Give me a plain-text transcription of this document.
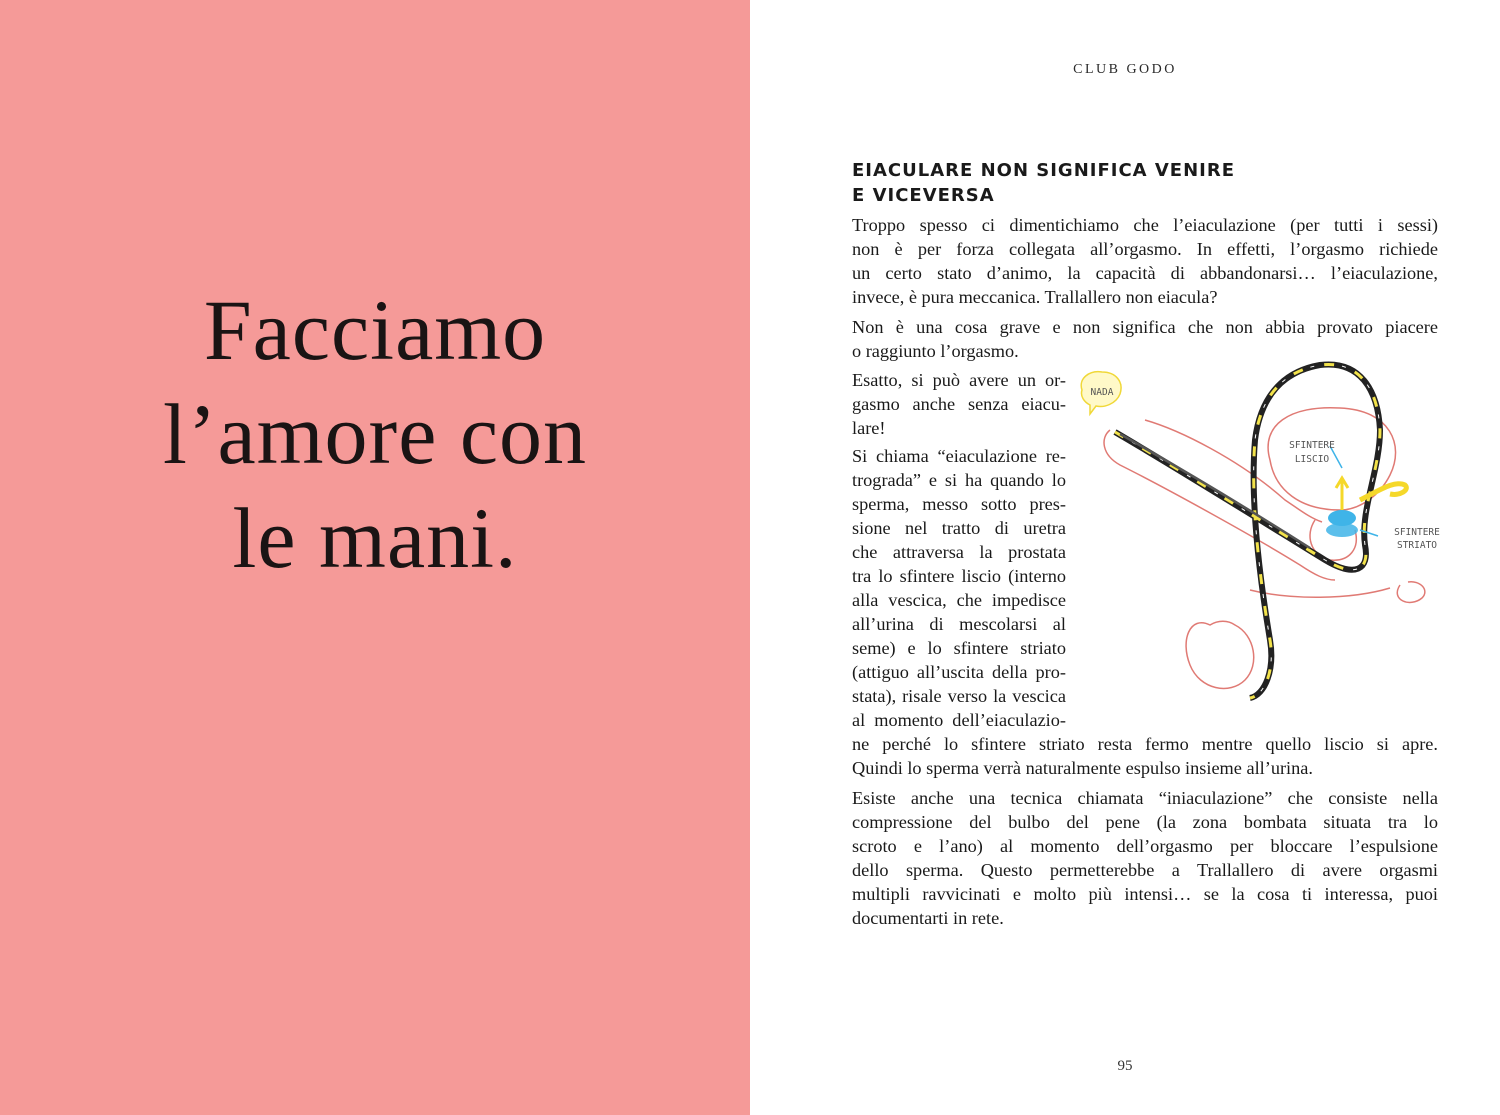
Facciamo
l’amore con
le mani.
CLUB GODO
EIACULARE NON SIGNIFICA VENIRE
E VICEVERSA
Troppo spesso ci dimentichiamo che l’eiaculazione (per tutti i sessi)
non è per forza collegata all’orgasmo. In effetti, l’orgasmo richiede
un certo stato d’animo, la capacità di abbandonarsi… l’eiaculazione,
invece, è pura meccanica. Trallallero non eiacula?
Non è una cosa grave e non significa che non abbia provato piacere
o raggiunto l’orgasmo.
Esatto, si può avere un or-
gasmo anche senza eiacu-
lare!
Si chiama “eiaculazione re-
trograda” e si ha quando lo
sperma, messo sotto pres-
sione nel tratto di uretra
che attraversa la prostata
tra lo sfintere liscio (interno
alla vescica, che impedisce
all’urina di mescolarsi al
seme) e lo sfintere striato
(attiguo all’uscita della pro-
stata), risale verso la vescica
al momento dell’eiaculazio-
ne perché lo sfintere striato resta fermo mentre quello liscio si apre.
Quindi lo sperma verrà naturalmente espulso insieme all’urina.
Esiste anche una tecnica chiamata “iniaculazione” che consiste nella
compressione del bulbo del pene (la zona bombata situata tra lo
scroto e l’ano) al momento dell’orgasmo per bloccare l’espulsione
dello sperma. Questo permetterebbe a Trallallero di avere orgasmi
multipli ravvicinati e molto più intensi… se la cosa ti interessa, puoi
documentarti in rete.
NADA
SFINTERE
LISCIO
SFINTERE
STRIATO
95
